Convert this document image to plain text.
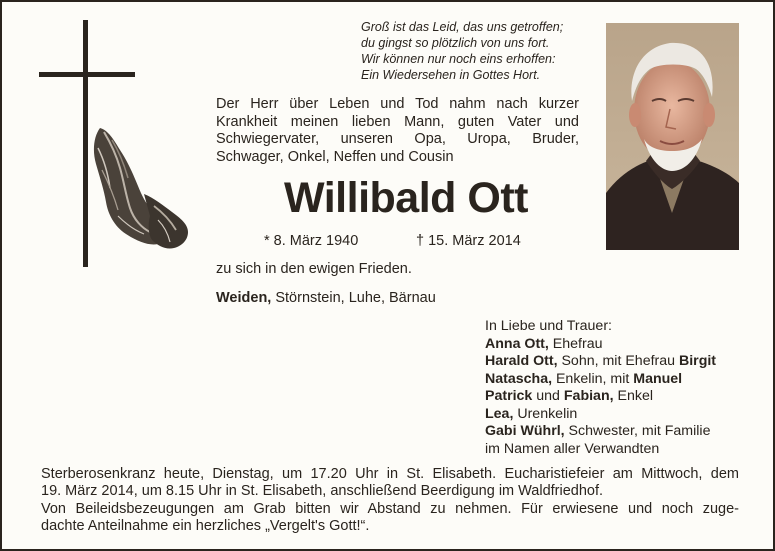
Groß ist das Leid, das uns getroffen;
du gingst so plötzlich von uns fort.
Wir können nur noch eins erhoffen:
Ein Wiedersehen in Gottes Hort.
Der Herr über Leben und Tod nahm nach kurzer
Krankheit meinen lieben Mann, guten Vater und
Schwiegervater, unseren Opa, Uropa, Bruder,
Schwager, Onkel, Neffen und Cousin
Willibald Ott
* 8. März 1940	† 15. März 2014
zu sich in den ewigen Frieden.
Weiden, Störnstein, Luhe, Bärnau
In Liebe und Trauer:
Anna Ott, Ehefrau
Harald Ott, Sohn, mit Ehefrau Birgit
Natascha, Enkelin, mit Manuel
Patrick und Fabian, Enkel
Lea, Urenkelin
Gabi Wührl, Schwester, mit Familie
im Namen aller Verwandten
Sterberosenkranz heute, Dienstag, um 17.20 Uhr in St. Elisabeth. Eucharistiefeier am Mittwoch, dem
19. März 2014, um 8.15 Uhr in St. Elisabeth, anschließend Beerdigung im Waldfriedhof.
Von Beileidsbezeugungen am Grab bitten wir Abstand zu nehmen. Für erwiesene und noch zuge-
dachte Anteilnahme ein herzliches „Vergelt's Gott!“.
